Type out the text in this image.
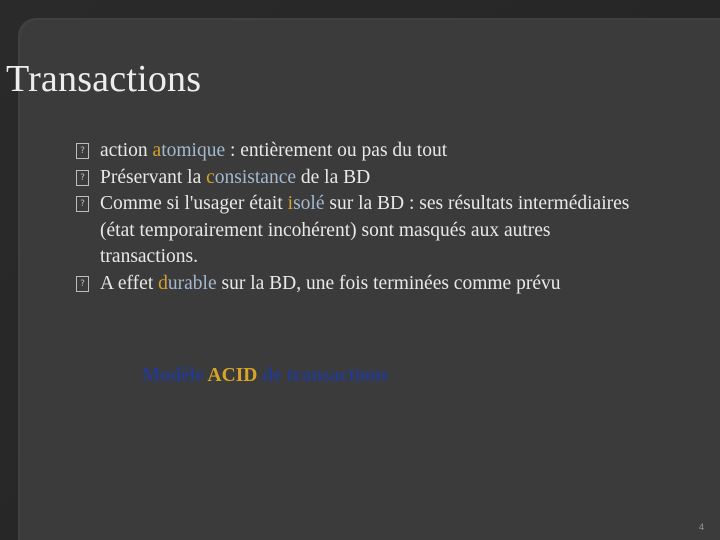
Transactions
? action atomique : entièrement ou pas du tout
? Préservant la consistance de la BD
? Comme si l'usager était isolé sur la BD : ses résultats intermédiaires (état temporairement incohérent) sont masqués aux autres transactions.
? A effet durable sur la BD, une fois terminées comme prévu
Modèle ACID de transactions
4
